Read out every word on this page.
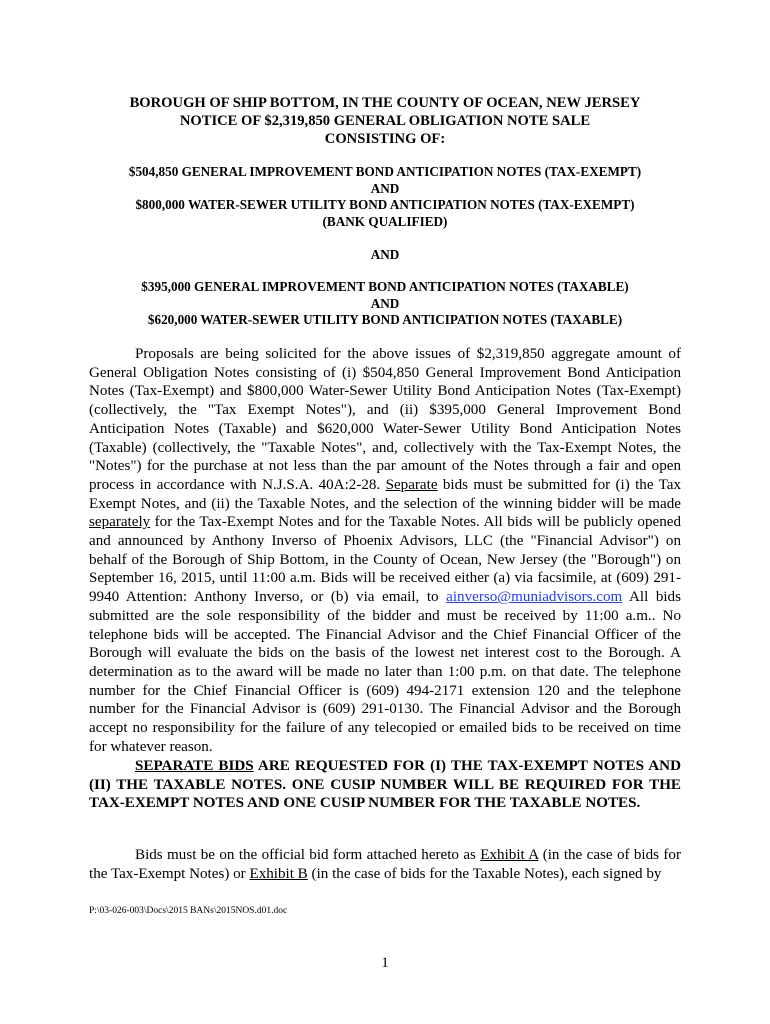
BOROUGH OF SHIP BOTTOM, IN THE COUNTY OF OCEAN, NEW JERSEY
NOTICE OF $2,319,850 GENERAL OBLIGATION NOTE SALE
CONSISTING OF:
$504,850 GENERAL IMPROVEMENT BOND ANTICIPATION NOTES (TAX-EXEMPT)
AND
$800,000 WATER-SEWER UTILITY BOND ANTICIPATION NOTES (TAX-EXEMPT)
(BANK QUALIFIED)
AND
$395,000 GENERAL IMPROVEMENT BOND ANTICIPATION NOTES (TAXABLE)
AND
$620,000 WATER-SEWER UTILITY BOND ANTICIPATION NOTES (TAXABLE)

Proposals are being solicited for the above issues of $2,319,850 aggregate amount of General Obligation Notes consisting of (i) $504,850 General Improvement Bond Anticipation Notes (Tax-Exempt) and $800,000 Water-Sewer Utility Bond Anticipation Notes (Tax-Exempt) (collectively, the "Tax Exempt Notes"), and (ii) $395,000 General Improvement Bond Anticipation Notes (Taxable) and $620,000 Water-Sewer Utility Bond Anticipation Notes (Taxable) (collectively, the "Taxable Notes", and, collectively with the Tax-Exempt Notes, the "Notes") for the purchase at not less than the par amount of the Notes through a fair and open process in accordance with N.J.S.A. 40A:2-28. Separate bids must be submitted for (i) the Tax Exempt Notes, and (ii) the Taxable Notes, and the selection of the winning bidder will be made separately for the Tax-Exempt Notes and for the Taxable Notes. All bids will be publicly opened and announced by Anthony Inverso of Phoenix Advisors, LLC (the "Financial Advisor") on behalf of the Borough of Ship Bottom, in the County of Ocean, New Jersey (the "Borough") on September 16, 2015, until 11:00 a.m. Bids will be received either (a) via facsimile, at (609) 291-9940 Attention: Anthony Inverso, or (b) via email, to ainverso@muniadvisors.com All bids submitted are the sole responsibility of the bidder and must be received by 11:00 a.m.. No telephone bids will be accepted. The Financial Advisor and the Chief Financial Officer of the Borough will evaluate the bids on the basis of the lowest net interest cost to the Borough. A determination as to the award will be made no later than 1:00 p.m. on that date. The telephone number for the Chief Financial Officer is (609) 494-2171 extension 120 and the telephone number for the Financial Advisor is (609) 291-0130. The Financial Advisor and the Borough accept no responsibility for the failure of any telecopied or emailed bids to be received on time for whatever reason.

SEPARATE BIDS ARE REQUESTED FOR (I) THE TAX-EXEMPT NOTES AND (II) THE TAXABLE NOTES. ONE CUSIP NUMBER WILL BE REQUIRED FOR THE TAX-EXEMPT NOTES AND ONE CUSIP NUMBER FOR THE TAXABLE NOTES.

Bids must be on the official bid form attached hereto as Exhibit A (in the case of bids for the Tax-Exempt Notes) or Exhibit B (in the case of bids for the Taxable Notes), each signed by

P:\03-026-003\Docs\2015 BANs\2015NOS.d01.doc
1
